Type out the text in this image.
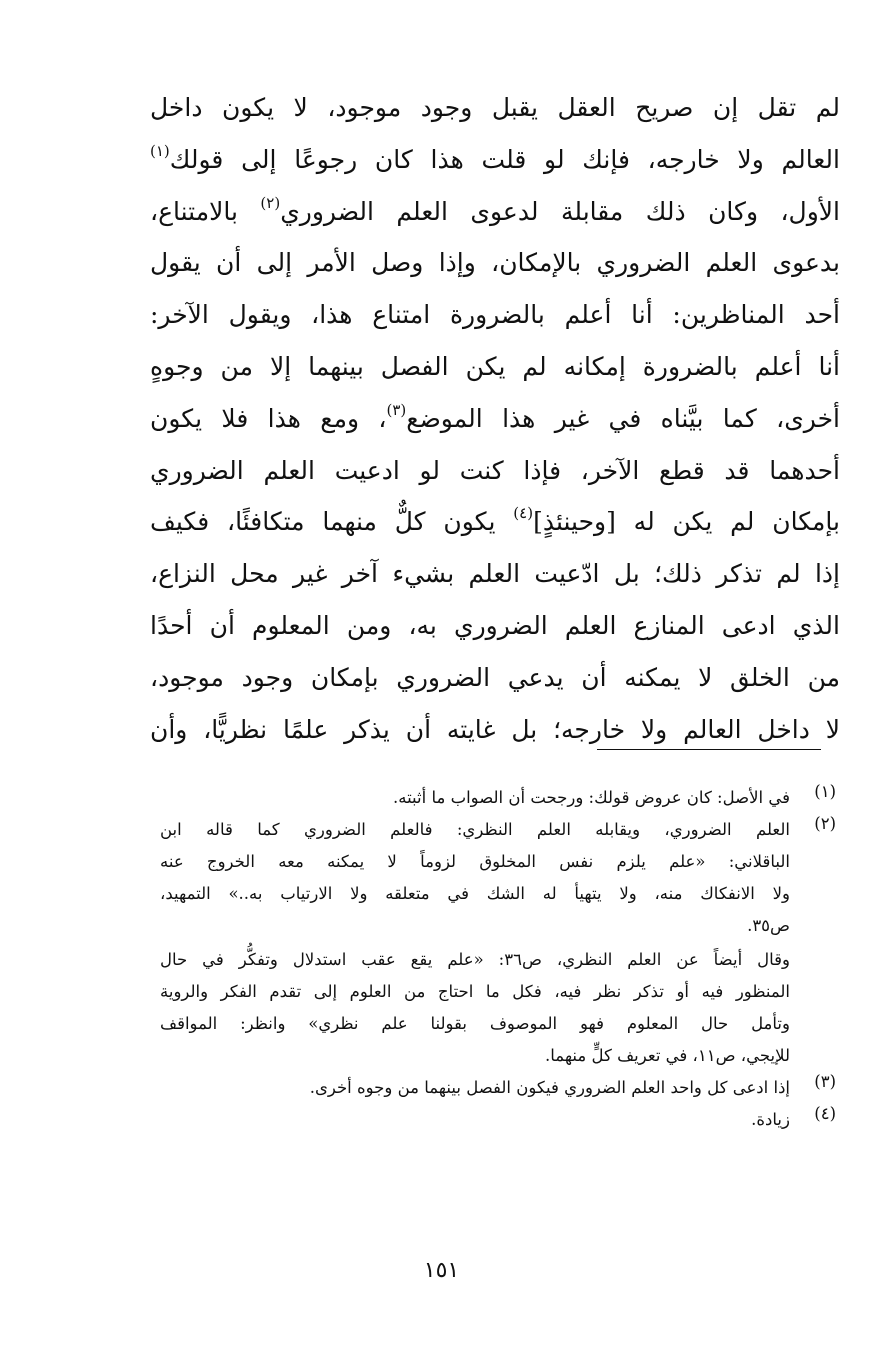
لم تقل إن صريح العقل يقبل وجود موجود، لا يكون داخل
العالم ولا خارجه، فإنك لو قلت هذا كان رجوعًا إلى قولك$^{(١)}$
الأول، وكان ذلك مقابلة لدعوى العلم الضروري$^{(٢)}$ بالامتناع،
بدعوى العلم الضروري بالإمكان، وإذا وصل الأمر إلى أن يقول
أحد المناظرين: أنا أعلم بالضرورة امتناع هذا، ويقول الآخر:
أنا أعلم بالضرورة إمكانه لم يكن الفصل بينهما إلا من وجوهٍ
أخرى، كما بيَّناه في غير هذا الموضع$^{(٣)}$، ومع هذا فلا يكون
أحدهما قد قطع الآخر، فإذا كنت لو ادعيت العلم الضروري
بإمكان لم يكن له [وحينئذٍ]$^{(٤)}$ يكون كلٌّ منهما متكافئًا، فكيف
إذا لم تذكر ذلك؛ بل ادّعيت العلم بشيء آخر غير محل النزاع،
الذي ادعى المنازع العلم الضروري به، ومن المعلوم أن أحدًا
من الخلق لا يمكنه أن يدعي الضروري بإمكان وجود موجود،
لا داخل العالم ولا خارجه؛ بل غايته أن يذكر علمًا نظريًّا، وأن
(١)
في الأصل: كان عروض قولك: ورجحت أن الصواب ما أثبته.
(٢)
العلم الضروري، ويقابله العلم النظري: فالعلم الضروري كما قاله ابن
الباقلاني: «علم يلزم نفس المخلوق لزوماً لا يمكنه معه الخروج عنه
ولا الانفكاك منه، ولا يتهيأ له الشك في متعلقه ولا الارتياب به..» التمهيد،
ص٣٥.
وقال أيضاً عن العلم النظري، ص٣٦: «علم يقع عقب استدلال وتفكُّر في حال
المنظور فيه أو تذكر نظر فيه، فكل ما احتاج من العلوم إلى تقدم الفكر والروية
وتأمل حال المعلوم فهو الموصوف بقولنا علم نظري» وانظر: المواقف
للإيجي، ص١١، في تعريف كلٍّ منهما.
(٣)
إذا ادعى كل واحد العلم الضروري فيكون الفصل بينهما من وجوه أخرى.
(٤)
زيادة.
١٥١
